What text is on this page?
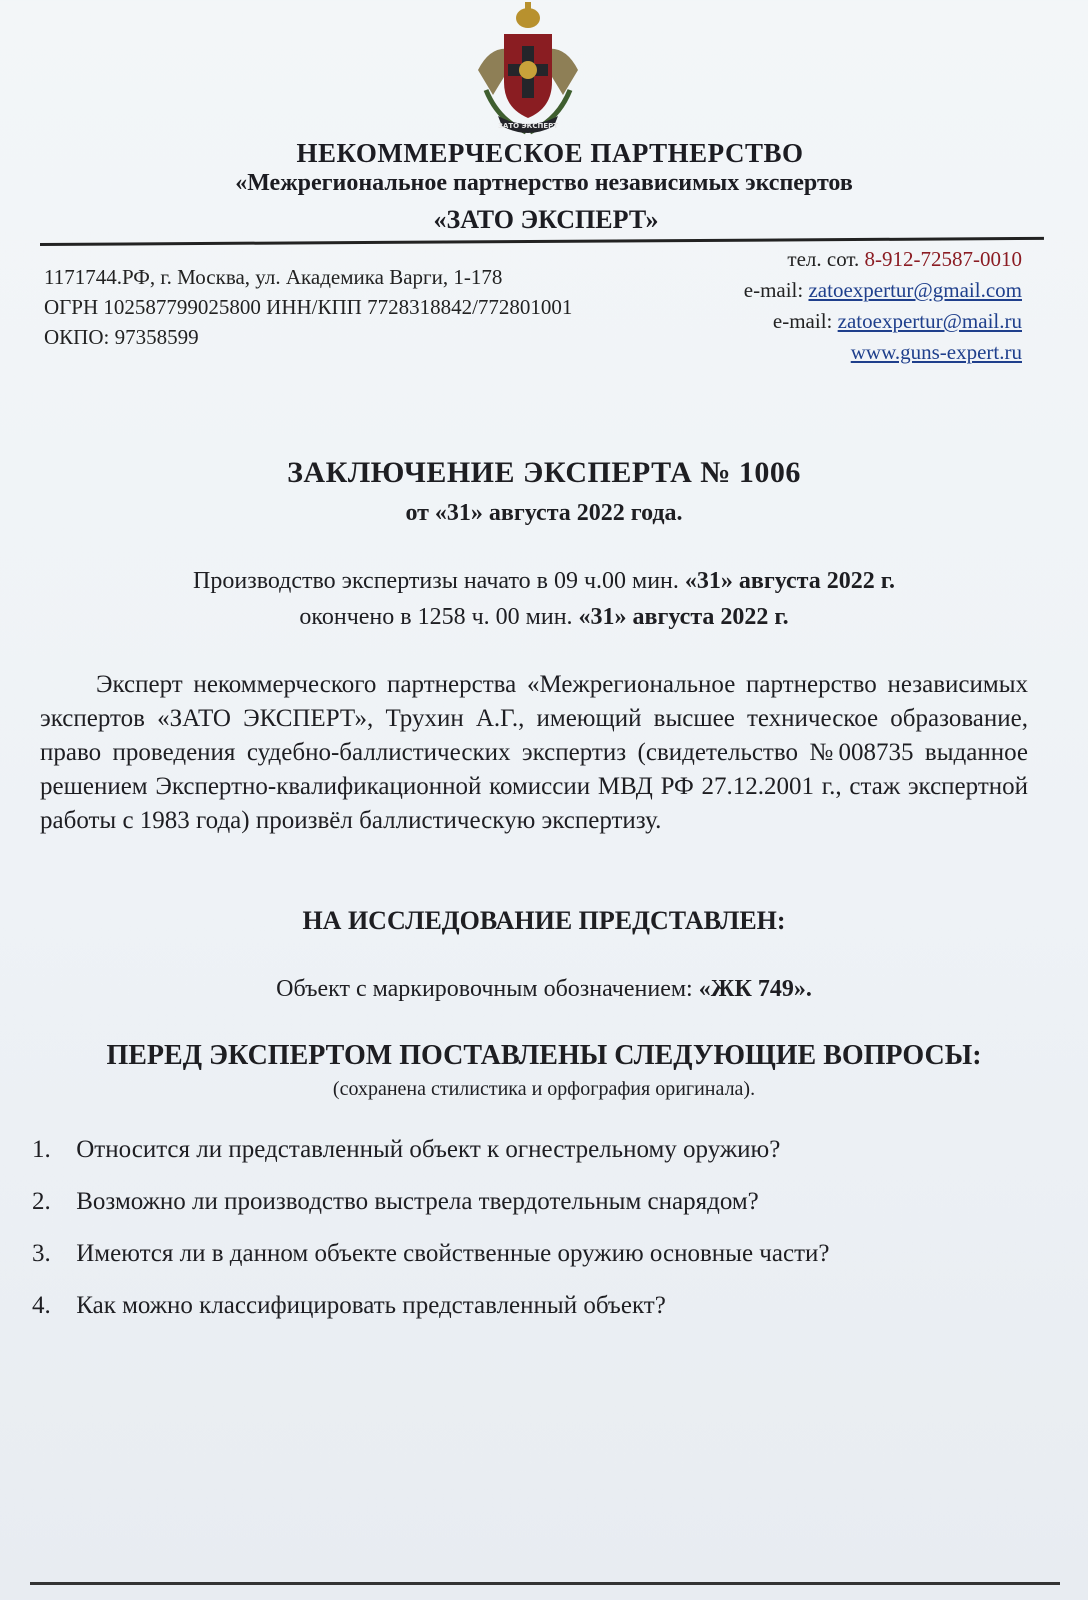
ЗАТО ЭКСПЕРТ
НЕКОММЕРЧЕСКОЕ ПАРТНЕРСТВО
«Межрегиональное партнерство независимых экспертов
«ЗАТО ЭКСПЕРТ»
1171744.РФ, г. Москва, ул. Академика Варги, 1-178
ОГРН 102587799025800 ИНН/КПП 7728318842/772801001
ОКПО: 97358599
тел. сот. 8-912-72587-0010
e-mail: zatoexpertur@gmail.com
e-mail: zatoexpertur@mail.ru
www.guns-expert.ru
ЗАКЛЮЧЕНИЕ ЭКСПЕРТА № 1006
от «31» августа 2022 года.
Производство экспертизы начато в 09 ч.00 мин. «31» августа 2022 г.
окончено в 1258 ч. 00 мин. «31» августа 2022 г.
Эксперт некоммерческого партнерства «Межрегиональное партнерство независимых экспертов «ЗАТО ЭКСПЕРТ», Трухин А.Г., имеющий высшее техническое образование, право проведения судебно-баллистических экспертиз (свидетельство №008735 выданное решением Экспертно-квалификационной комиссии МВД РФ 27.12.2001 г., стаж экспертной работы с 1983 года) произвёл баллистическую экспертизу.
НА ИССЛЕДОВАНИЕ ПРЕДСТАВЛЕН:
Объект с маркировочным обозначением: «ЖК 749».
ПЕРЕД ЭКСПЕРТОМ ПОСТАВЛЕНЫ СЛЕДУЮЩИЕ ВОПРОСЫ:
(сохранена стилистика и орфография оригинала).
1. Относится ли представленный объект к огнестрельному оружию?
2. Возможно ли производство выстрела твердотельным снарядом?
3. Имеются ли в данном объекте свойственные оружию основные части?
4. Как можно классифицировать представленный объект?
